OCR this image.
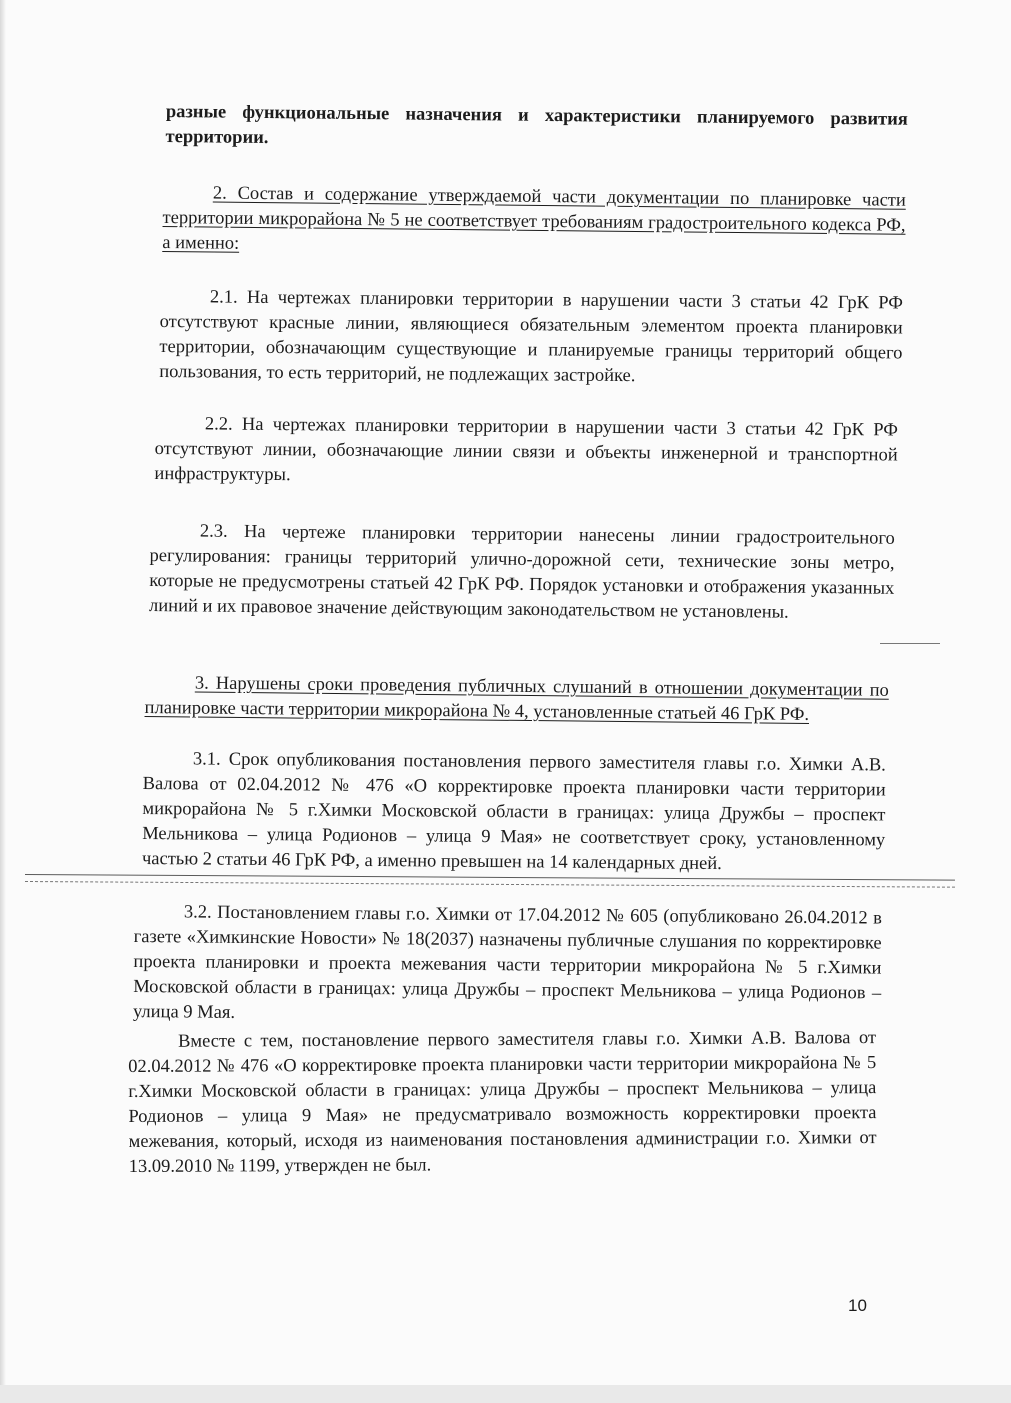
разные функциональные назначения и характеристики планируемого развития территории.

2. Состав и содержание утверждаемой части документации по планировке части территории микрорайона № 5 не соответствует требованиям градостроительного кодекса РФ, а именно:

2.1. На чертежах планировки территории в нарушении части 3 статьи 42 ГрК РФ отсутствуют красные линии, являющиеся обязательным элементом проекта планировки территории, обозначающим существующие и планируемые границы территорий общего пользования, то есть территорий, не подлежащих застройке.

2.2. На чертежах планировки территории в нарушении части 3 статьи 42 ГрК РФ отсутствуют линии, обозначающие линии связи и объекты инженерной и транспортной инфраструктуры.

2.3. На чертеже планировки территории нанесены линии градостроительного регулирования: границы территорий улично-дорожной сети, технические зоны метро, которые не предусмотрены статьей 42 ГрК РФ. Порядок установки и отображения указанных линий и их правовое значение действующим законодательством не установлены.

3. Нарушены сроки проведения публичных слушаний в отношении документации по планировке части территории микрорайона № 4, установленные статьей 46 ГрК РФ.

3.1. Срок опубликования постановления первого заместителя главы г.о. Химки А.В. Валова от 02.04.2012 № 476 «О корректировке проекта планировки части территории микрорайона № 5 г.Химки Московской области в границах: улица Дружбы – проспект Мельникова – улица Родионов – улица 9 Мая» не соответствует сроку, установленному частью 2 статьи 46 ГрК РФ, а именно превышен на 14 календарных дней.

3.2. Постановлением главы г.о. Химки от 17.04.2012 № 605 (опубликовано 26.04.2012 в газете «Химкинские Новости» № 18(2037) назначены публичные слушания по корректировке проекта планировки и проекта межевания части территории микрорайона № 5 г.Химки Московской области в границах: улица Дружбы – проспект Мельникова – улица Родионов – улица 9 Мая.

Вместе с тем, постановление первого заместителя главы г.о. Химки А.В. Валова от 02.04.2012 № 476 «О корректировке проекта планировки части территории микрорайона № 5 г.Химки Московской области в границах: улица Дружбы – проспект Мельникова – улица Родионов – улица 9 Мая» не предусматривало возможность корректировки проекта межевания, который, исходя из наименования постановления администрации г.о. Химки от 13.09.2010 № 1199, утвержден не был.

10
